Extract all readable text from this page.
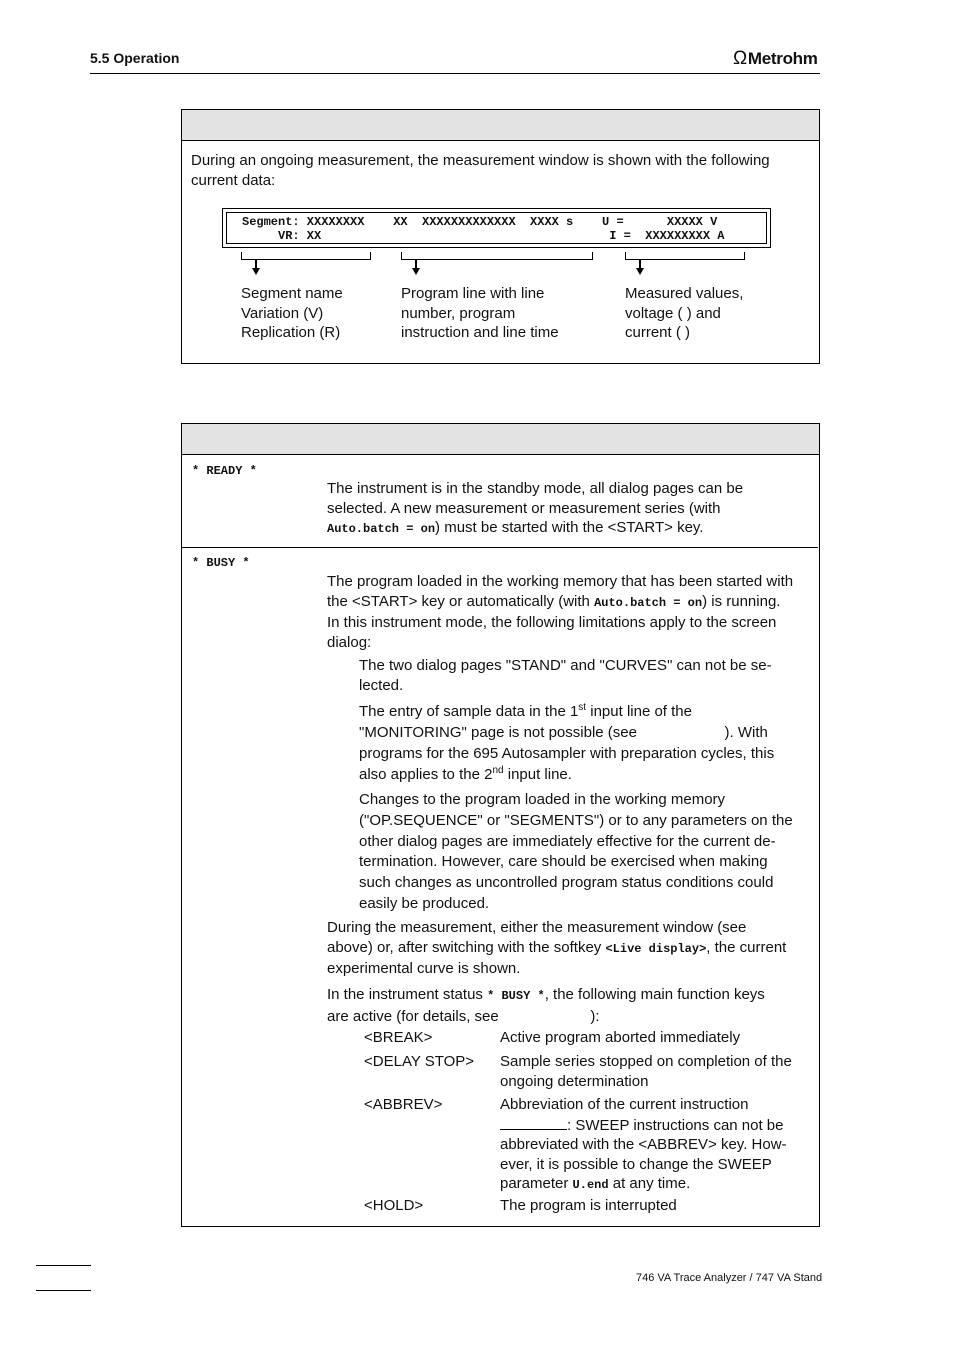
5.5 Operation	ΩMetrohm
During an ongoing measurement, the measurement window is shown with the following
current data:
Segment: XXXXXXXX    XX  XXXXXXXXXXXXX  XXXX s    U =      XXXXX V
VR: XX                                        I =  XXXXXXXXX A
Segment name
Variation (V)
Replication (R)
Program line with line
number, program
instruction and line time
Measured values,
voltage ( ) and
current ( )
* READY *
The instrument is in the standby mode, all dialog pages can be
selected. A new measurement or measurement series (with
Auto.batch = on) must be started with the <START> key.
* BUSY *
The program loaded in the working memory that has been started with
the <START> key or automatically (with Auto.batch = on) is running.
In this instrument mode, the following limitations apply to the screen
dialog:
The two dialog pages "STAND" and "CURVES" can not be se-
lected.
The entry of sample data in the 1st input line of the
"MONITORING" page is not possible (see                     ). With
programs for the 695 Autosampler with preparation cycles, this
also applies to the 2nd input line.
Changes to the program loaded in the working memory
("OP.SEQUENCE" or "SEGMENTS") or to any parameters on the
other dialog pages are immediately effective for the current de-
termination. However, care should be exercised when making
such changes as uncontrolled program status conditions could
easily be produced.
During the measurement, either the measurement window (see
above) or, after switching with the softkey <Live display>, the current
experimental curve is shown.
In the instrument status * BUSY *, the following main function keys
are active (for details, see                      ):
<BREAK>	Active program aborted immediately
<DELAY STOP> Sample series stopped on completion of the
ongoing determination
<ABBREV>	Abbreviation of the current instruction
: SWEEP instructions can not be
abbreviated with the <ABBREV> key. How-
ever, it is possible to change the SWEEP
parameter U.end at any time.
<HOLD>	The program is interrupted
746 VA Trace Analyzer / 747 VA Stand
